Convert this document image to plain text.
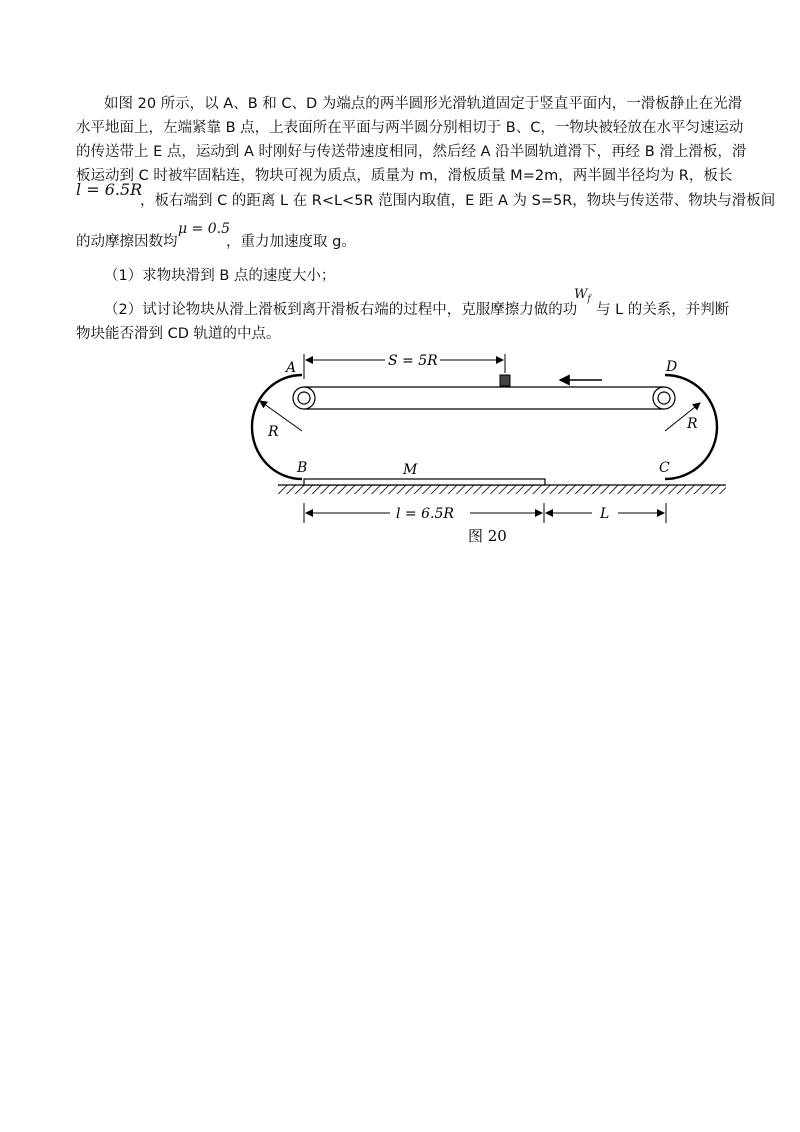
如图 20 所示，以 A、B 和 C、D 为端点的两半圆形光滑轨道固定于竖直平面内，一滑板静止在光滑
水平地面上，左端紧靠 B 点，上表面所在平面与两半圆分别相切于 B、C，一物块被轻放在水平匀速运动
的传送带上 E 点，运动到 A 时刚好与传送带速度相同，然后经 A 沿半圆轨道滑下，再经 B 滑上滑板，滑
板运动到 C 时被牢固粘连，物块可视为质点，质量为 m，滑板质量 M=2m，两半圆半径均为 R，板长
l = 6.5R
，板右端到 C 的距离 L 在 R<L<5R 范围内取值，E 距 A 为 S=5R，物块与传送带、物块与滑板间
的动摩擦因数均
μ = 0.5
，重力加速度取 g。
（1）求物块滑到 B 点的速度大小；
（2）试讨论物块从滑上滑板到离开滑板右端的过程中，克服摩擦力做的功
$W_f$
与 L 的关系，并判断
物块能否滑到 CD 轨道的中点。
S = 5R
R	R
A	D
B	C
M
l = 6.5R	L
图 20
